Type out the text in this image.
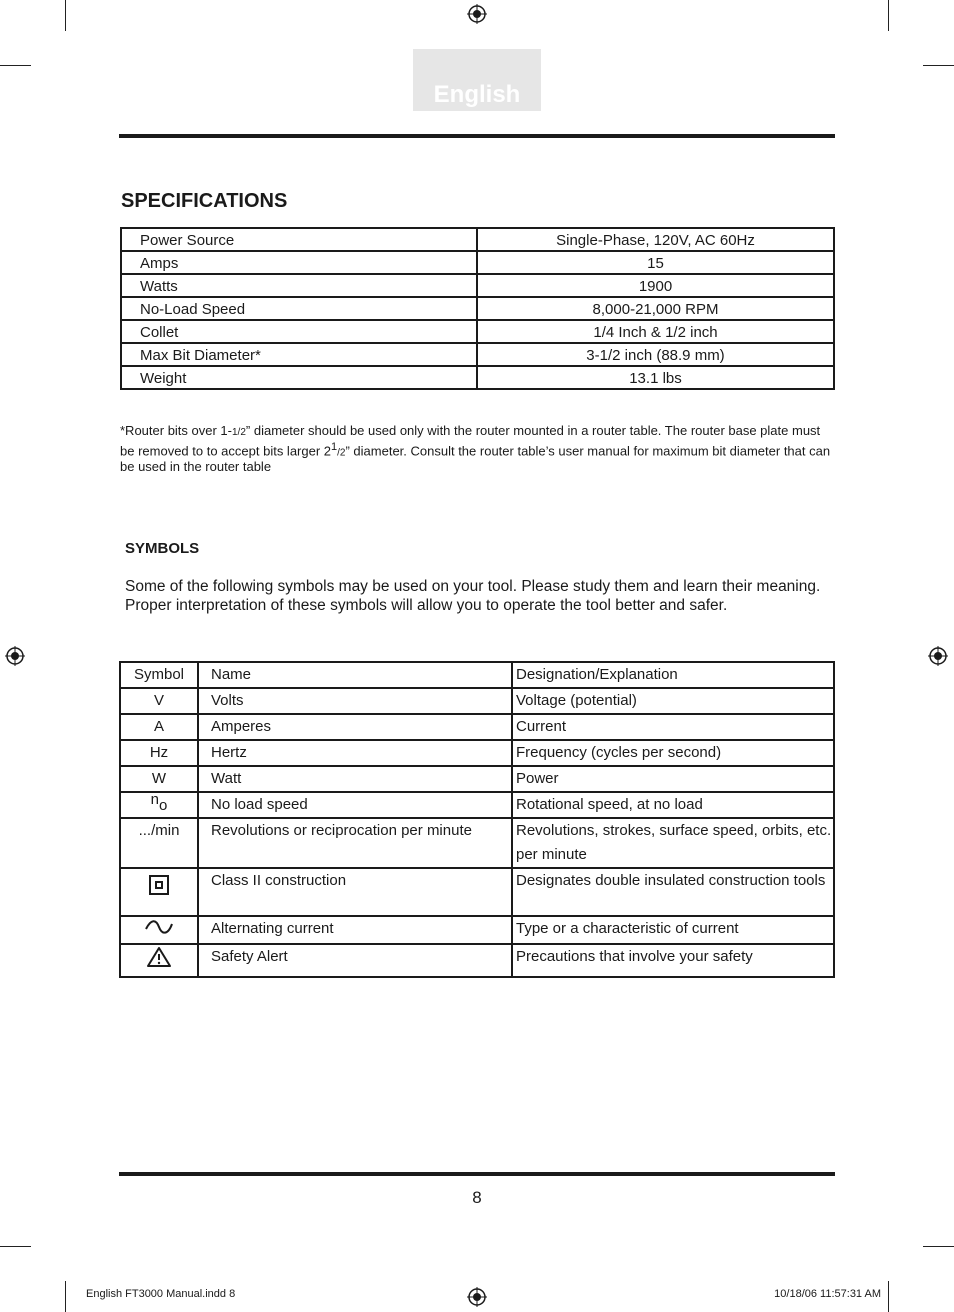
English
SPECIFICATIONS
Power Source	Single-Phase, 120V, AC 60Hz
Amps	15
Watts	1900
No-Load Speed	8,000-21,000 RPM
Collet	1/4 Inch & 1/2 inch
Max Bit Diameter*	3-1/2 inch (88.9 mm)
Weight	13.1 lbs
*Router bits over 1-1/2” diameter should be used only with the router mounted in a router table. The router base plate must be removed to to accept bits larger $2^1/2$” diameter. Consult the router table’s user manual for maximum bit diameter that can be used in the router table
SYMBOLS
Some of the following symbols may be used on your tool. Please study them and learn their meaning. Proper interpretation of these symbols will allow you to operate the tool better and safer.
Symbol	Name	Designation/Explanation
V	Volts	Voltage (potential)
A	Amperes	Current
Hz	Hertz	Frequency (cycles per second)
W	Watt	Power
no	No load speed	Rotational speed, at no load
.../min	Revolutions or reciprocation per minute	Revolutions, strokes, surface speed, orbits, etc. per minute
	Class II construction	Designates double insulated construction tools
	Alternating current	Type or a characteristic of current
	Safety Alert	Precautions that involve your safety
8
English FT3000 Manual.indd 8	10/18/06 11:57:31 AM
